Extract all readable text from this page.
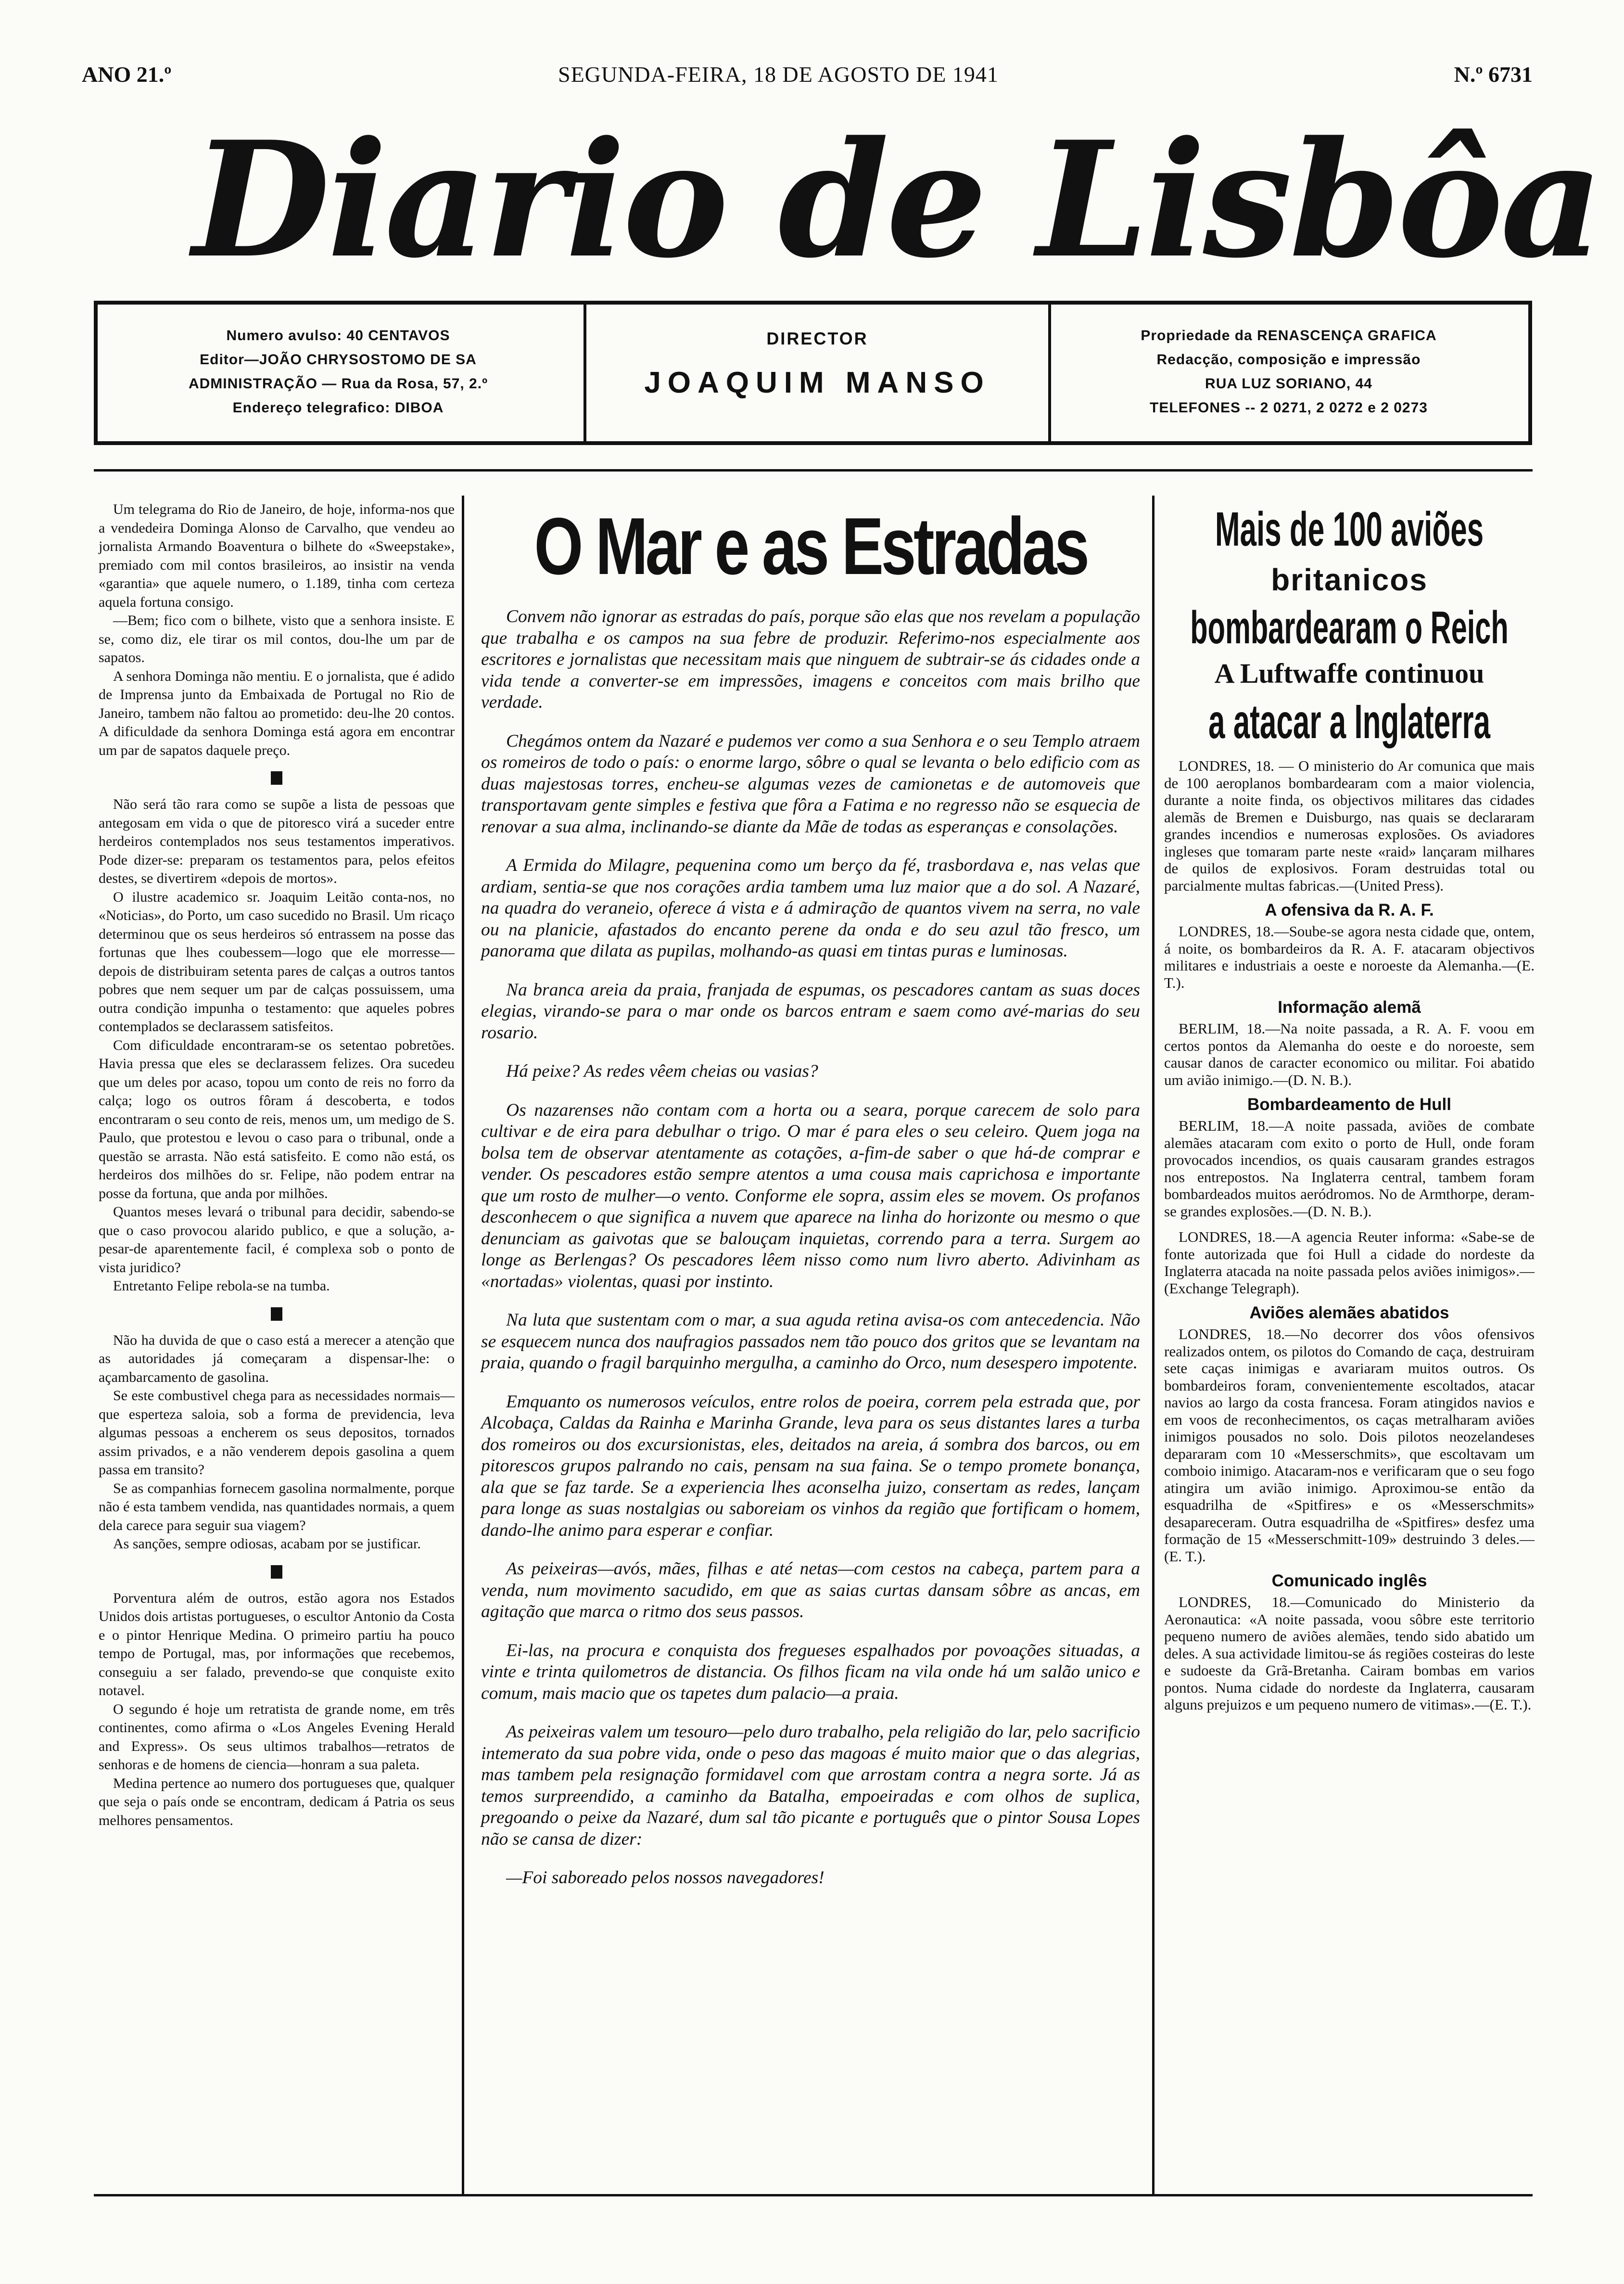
ANO 21.º	SEGUNDA-FEIRA, 18 DE AGOSTO DE 1941	N.º 6731
Diario de Lisbôa
Numero avulso: 40 CENTAVOS
Editor—JOÃO CHRYSOSTOMO DE SA
ADMINISTRAÇÃO — Rua da Rosa, 57, 2.º
Endereço telegrafico: DIBOA
DIRECTOR
JOAQUIM MANSO
Propriedade da RENASCENÇA GRAFICA
Redacção, composição e impressão
RUA LUZ SORIANO, 44
TELEFONES -- 2 0271, 2 0272 e 2 0273

Um telegrama do Rio de Janeiro, de hoje, informa-nos que a vendedeira Dominga Alonso de Carvalho, que vendeu ao jornalista Armando Boaventura o bilhete do «Sweepstake», premiado com mil contos brasileiros, ao insistir na venda «garantia» que aquele numero, o 1.189, tinha com certeza aquela fortuna consigo.

—Bem; fico com o bilhete, visto que a senhora insiste. E se, como diz, ele tirar os mil contos, dou-lhe um par de sapatos.

A senhora Dominga não mentiu. E o jornalista, que é adido de Imprensa junto da Embaixada de Portugal no Rio de Janeiro, tambem não faltou ao prometido: deu-lhe 20 contos. A dificuldade da senhora Dominga está agora em encontrar um par de sapatos daquele preço.

Não será tão rara como se supõe a lista de pessoas que antegosam em vida o que de pitoresco virá a suceder entre herdeiros contemplados nos seus testamentos imperativos. Pode dizer-se: preparam os testamentos para, pelos efeitos destes, se divertirem «depois de mortos».

O ilustre academico sr. Joaquim Leitão conta-nos, no «Noticias», do Porto, um caso sucedido no Brasil. Um ricaço determinou que os seus herdeiros só entrassem na posse das fortunas que lhes coubessem—logo que ele morresse—depois de distribuiram setenta pares de calças a outros tantos pobres que nem sequer um par de calças possuissem, uma outra condição impunha o testamento: que aqueles pobres contemplados se declarassem satisfeitos.

Com dificuldade encontraram-se os setentao pobretões. Havia pressa que eles se declarassem felizes. Ora sucedeu que um deles por acaso, topou um conto de reis no forro da calça; logo os outros fôram á descoberta, e todos encontraram o seu conto de reis, menos um, um medigo de S. Paulo, que protestou e levou o caso para o tribunal, onde a questão se arrasta. Não está satisfeito. E como não está, os herdeiros dos milhões do sr. Felipe, não podem entrar na posse da fortuna, que anda por milhões.

Quantos meses levará o tribunal para decidir, sabendo-se que o caso provocou alarido publico, e que a solução, a-pesar-de aparentemente facil, é complexa sob o ponto de vista juridico?

Entretanto Felipe rebola-se na tumba.

Não ha duvida de que o caso está a merecer a atenção que as autoridades já começaram a dispensar-lhe: o açambarcamento de gasolina.

Se este combustivel chega para as necessidades normais—que esperteza saloia, sob a forma de previdencia, leva algumas pessoas a encherem os seus depositos, tornados assim privados, e a não venderem depois gasolina a quem passa em transito?

Se as companhias fornecem gasolina normalmente, porque não é esta tambem vendida, nas quantidades normais, a quem dela carece para seguir sua viagem?

As sanções, sempre odiosas, acabam por se justificar.

Porventura além de outros, estão agora nos Estados Unidos dois artistas portugueses, o escultor Antonio da Costa e o pintor Henrique Medina. O primeiro partiu ha pouco tempo de Portugal, mas, por informações que recebemos, conseguiu a ser falado, prevendo-se que conquiste exito notavel.

O segundo é hoje um retratista de grande nome, em três continentes, como afirma o «Los Angeles Evening Herald and Express». Os seus ultimos trabalhos—retratos de senhoras e de homens de ciencia—honram a sua paleta.

Medina pertence ao numero dos portugueses que, qualquer que seja o país onde se encontram, dedicam á Patria os seus melhores pensamentos.

O Mar e as Estradas

Convem não ignorar as estradas do país, porque são elas que nos revelam a população que trabalha e os campos na sua febre de produzir. Referimo-nos especialmente aos escritores e jornalistas que necessitam mais que ninguem de subtrair-se ás cidades onde a vida tende a converter-se em impressões, imagens e conceitos com mais brilho que verdade.

Chegámos ontem da Nazaré e pudemos ver como a sua Senhora e o seu Templo atraem os romeiros de todo o país: o enorme largo, sôbre o qual se levanta o belo edificio com as duas majestosas torres, encheu-se algumas vezes de camionetas e de automoveis que transportavam gente simples e festiva que fôra a Fatima e no regresso não se esquecia de renovar a sua alma, inclinando-se diante da Mãe de todas as esperanças e consolações.

A Ermida do Milagre, pequenina como um berço da fé, trasbordava e, nas velas que ardiam, sentia-se que nos corações ardia tambem uma luz maior que a do sol. A Nazaré, na quadra do veraneio, oferece á vista e á admiração de quantos vivem na serra, no vale ou na planicie, afastados do encanto perene da onda e do seu azul tão fresco, um panorama que dilata as pupilas, molhando-as quasi em tintas puras e luminosas.

Na branca areia da praia, franjada de espumas, os pescadores cantam as suas doces elegias, virando-se para o mar onde os barcos entram e saem como avé-marias do seu rosario.

Há peixe? As redes vêem cheias ou vasias?

Os nazarenses não contam com a horta ou a seara, porque carecem de solo para cultivar e de eira para debulhar o trigo. O mar é para eles o seu celeiro. Quem joga na bolsa tem de observar atentamente as cotações, a-fim-de saber o que há-de comprar e vender. Os pescadores estão sempre atentos a uma cousa mais caprichosa e importante que um rosto de mulher—o vento. Conforme ele sopra, assim eles se movem. Os profanos desconhecem o que significa a nuvem que aparece na linha do horizonte ou mesmo o que denunciam as gaivotas que se balouçam inquietas, correndo para a terra. Surgem ao longe as Berlengas? Os pescadores lêem nisso como num livro aberto. Adivinham as «nortadas» violentas, quasi por instinto.

Na luta que sustentam com o mar, a sua aguda retina avisa-os com antecedencia. Não se esquecem nunca dos naufragios passados nem tão pouco dos gritos que se levantam na praia, quando o fragil barquinho mergulha, a caminho do Orco, num desespero impotente.

Emquanto os numerosos veículos, entre rolos de poeira, correm pela estrada que, por Alcobaça, Caldas da Rainha e Marinha Grande, leva para os seus distantes lares a turba dos romeiros ou dos excursionistas, eles, deitados na areia, á sombra dos barcos, ou em pitorescos grupos palrando no cais, pensam na sua faina. Se o tempo promete bonança, ala que se faz tarde. Se a experiencia lhes aconselha juizo, consertam as redes, lançam para longe as suas nostalgias ou saboreiam os vinhos da região que fortificam o homem, dando-lhe animo para esperar e confiar.

As peixeiras—avós, mães, filhas e até netas—com cestos na cabeça, partem para a venda, num movimento sacudido, em que as saias curtas dansam sôbre as ancas, em agitação que marca o ritmo dos seus passos.

Ei-las, na procura e conquista dos fregueses espalhados por povoações situadas, a vinte e trinta quilometros de distancia. Os filhos ficam na vila onde há um salão unico e comum, mais macio que os tapetes dum palacio—a praia.

As peixeiras valem um tesouro—pelo duro trabalho, pela religião do lar, pelo sacrificio intemerato da sua pobre vida, onde o peso das magoas é muito maior que o das alegrias, mas tambem pela resignação formidavel com que arrostam contra a negra sorte. Já as temos surpreendido, a caminho da Batalha, empoeiradas e com olhos de suplica, pregoando o peixe da Nazaré, dum sal tão picante e português que o pintor Sousa Lopes não se cansa de dizer:

—Foi saboreado pelos nossos navegadores!

Mais de 100 aviões
britanicos
bombardearam o Reich
A Luftwaffe continuou
a atacar a Inglaterra

LONDRES, 18. — O ministerio do Ar comunica que mais de 100 aeroplanos bombardearam com a maior violencia, durante a noite finda, os objectivos militares das cidades alemãs de Bremen e Duisburgo, nas quais se declararam grandes incendios e numerosas explosões. Os aviadores ingleses que tomaram parte neste «raid» lançaram milhares de quilos de explosivos. Foram destruidas total ou parcialmente multas fabricas.—(United Press).

A ofensiva da R. A. F.

LONDRES, 18.—Soube-se agora nesta cidade que, ontem, á noite, os bombardeiros da R. A. F. atacaram objectivos militares e industriais a oeste e noroeste da Alemanha.—(E. T.).

Informação alemã

BERLIM, 18.—Na noite passada, a R. A. F. voou em certos pontos da Alemanha do oeste e do noroeste, sem causar danos de caracter economico ou militar. Foi abatido um avião inimigo.—(D. N. B.).

Bombardeamento de Hull

BERLIM, 18.—A noite passada, aviões de combate alemães atacaram com exito o porto de Hull, onde foram provocados incendios, os quais causaram grandes estragos nos entrepostos. Na Inglaterra central, tambem foram bombardeados muitos aeródromos. No de Armthorpe, deram-se grandes explosões.—(D. N. B.).

LONDRES, 18.—A agencia Reuter informa: «Sabe-se de fonte autorizada que foi Hull a cidade do nordeste da Inglaterra atacada na noite passada pelos aviões inimigos».—(Exchange Telegraph).

Aviões alemães abatidos

LONDRES, 18.—No decorrer dos vôos ofensivos realizados ontem, os pilotos do Comando de caça, destruiram sete caças inimigas e avariaram muitos outros. Os bombardeiros foram, convenientemente escoltados, atacar navios ao largo da costa francesa. Foram atingidos navios e em voos de reconhecimentos, os caças metralharam aviões inimigos pousados no solo. Dois pilotos neozelandeses depararam com 10 «Messerschmits», que escoltavam um comboio inimigo. Atacaram-nos e verificaram que o seu fogo atingira um avião inimigo. Aproximou-se então da esquadrilha de «Spitfires» e os «Messerschmits» desapareceram. Outra esquadrilha de «Spitfires» desfez uma formação de 15 «Messerschmitt-109» destruindo 3 deles.—(E. T.).

Comunicado inglês

LONDRES, 18.—Comunicado do Ministerio da Aeronautica: «A noite passada, voou sôbre este territorio pequeno numero de aviões alemães, tendo sido abatido um deles. A sua actividade limitou-se ás regiões costeiras do leste e sudoeste da Grã-Bretanha. Cairam bombas em varios pontos. Numa cidade do nordeste da Inglaterra, causaram alguns prejuizos e um pequeno numero de vitimas».—(E. T.).
